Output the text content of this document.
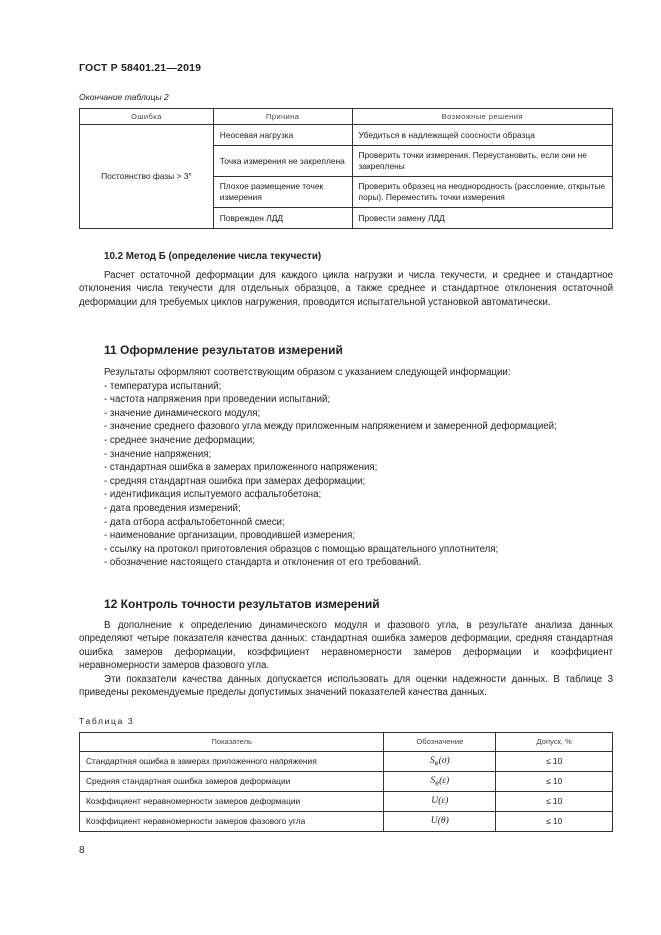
ГОСТ Р 58401.21—2019
Окончание таблицы 2
Ошибка	Причина	Возможные решения
Постоянство фазы > 3°	Неосевая нагрузка	Убедиться в надлежащей соосности образца
	Точка измерения не закреплена	Проверить точки измерения. Переустановить, если они не закреплены
	Плохое размещение точек измерения	Проверить образец на неоднородность (расслоение, открытые поры). Переместить точки измерения
	Поврежден ЛДД	Провести замену ЛДД
10.2 Метод Б (определение числа текучести)

Расчет остаточной деформации для каждого цикла нагрузки и числа текучести, и среднее и стандартное отклонения числа текучести для отдельных образцов, а также среднее и стандартное отклонения остаточной деформации для требуемых циклов нагружения, проводится испытательной установкой автоматически.

11 Оформление результатов измерений
Результаты оформляют соответствующим образом с указанием следующей информации:
- температура испытаний;
- частота напряжения при проведении испытаний;
- значение динамического модуля;
- значение среднего фазового угла между приложенным напряжением и замеренной деформацией;
- среднее значение деформации;
- значение напряжения;
- стандартная ошибка в замерах приложенного напряжения;
- средняя стандартная ошибка при замерах деформации;
- идентификация испытуемого асфальтобетона;
- дата проведения измерений;
- дата отбора асфальтобетонной смеси;
- наименование организации, проводившей измерения;
- ссылку на протокол приготовления образцов с помощью вращательного уплотнителя;
- обозначение настоящего стандарта и отклонения от его требований.
12 Контроль точности результатов измерений

В дополнение к определению динамического модуля и фазового угла, в результате анализа данных определяют четыре показателя качества данных: стандартная ошибка замеров деформации, средняя стандартная ошибка замеров деформации, коэффициент неравномерности замеров деформации и коэффициент неравномерности замеров фазового угла.

Эти показатели качества данных допускается использовать для оценки надежности данных. В таблице 3 приведены рекомендуемые пределы допустимых значений показателей качества данных.

Таблица 3
Показатель	Обозначение	Допуск, %
Стандартная ошибка в замерах приложенного напряжения	$S_e(\sigma)$	≤ 10
Средняя стандартная ошибка замеров деформации	$S_e(\varepsilon)$	≤ 10
Коэффициент неравномерности замеров деформации	U(ε)	≤ 10
Коэффициент неравномерности замеров фазового угла	U(θ)	≤ 10
8
